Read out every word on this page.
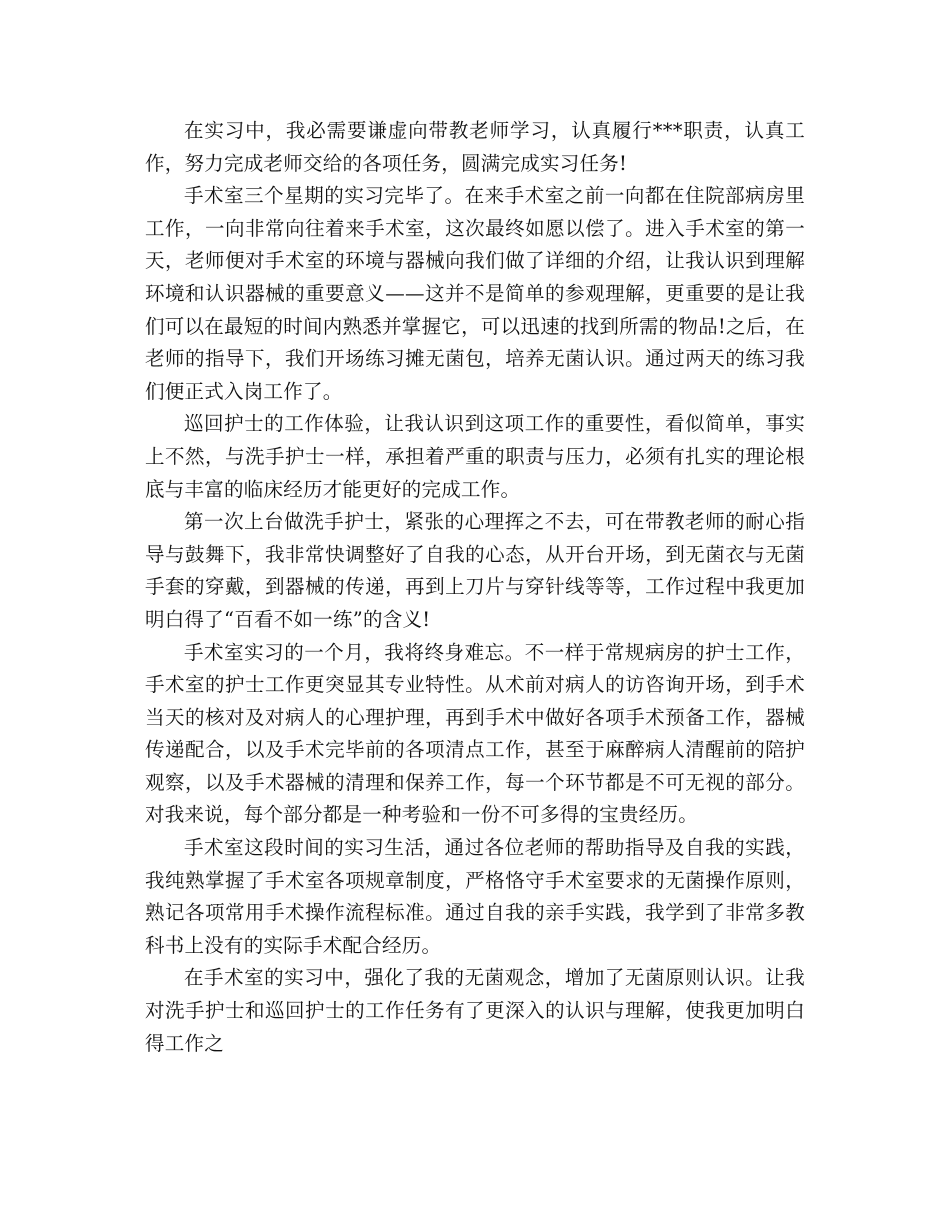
在实习中，我必需要谦虚向带教老师学习，认真履行***职责，认真工作，努力完成老师交给的各项任务，圆满完成实习任务!

手术室三个星期的实习完毕了。在来手术室之前一向都在住院部病房里工作，一向非常向往着来手术室，这次最终如愿以偿了。进入手术室的第一天，老师便对手术室的环境与器械向我们做了详细的介绍，让我认识到理解环境和认识器械的重要意义——这并不是简单的参观理解，更重要的是让我们可以在最短的时间内熟悉并掌握它，可以迅速的找到所需的物品!之后，在老师的指导下，我们开场练习摊无菌包，培养无菌认识。通过两天的练习我们便正式入岗工作了。

巡回护士的工作体验，让我认识到这项工作的重要性，看似简单，事实上不然，与洗手护士一样，承担着严重的职责与压力，必须有扎实的理论根底与丰富的临床经历才能更好的完成工作。

第一次上台做洗手护士，紧张的心理挥之不去，可在带教老师的耐心指导与鼓舞下，我非常快调整好了自我的心态，从开台开场，到无菌衣与无菌手套的穿戴，到器械的传递，再到上刀片与穿针线等等，工作过程中我更加明白得了“百看不如一练”的含义!

手术室实习的一个月，我将终身难忘。不一样于常规病房的护士工作，手术室的护士工作更突显其专业特性。从术前对病人的访咨询开场，到手术当天的核对及对病人的心理护理，再到手术中做好各项手术预备工作，器械传递配合，以及手术完毕前的各项清点工作，甚至于麻醉病人清醒前的陪护观察，以及手术器械的清理和保养工作，每一个环节都是不可无视的部分。对我来说，每个部分都是一种考验和一份不可多得的宝贵经历。

手术室这段时间的实习生活，通过各位老师的帮助指导及自我的实践，我纯熟掌握了手术室各项规章制度，严格恪守手术室要求的无菌操作原则，熟记各项常用手术操作流程标准。通过自我的亲手实践，我学到了非常多教科书上没有的实际手术配合经历。

在手术室的实习中，强化了我的无菌观念，增加了无菌原则认识。让我对洗手护士和巡回护士的工作任务有了更深入的认识与理解，使我更加明白得工作之
